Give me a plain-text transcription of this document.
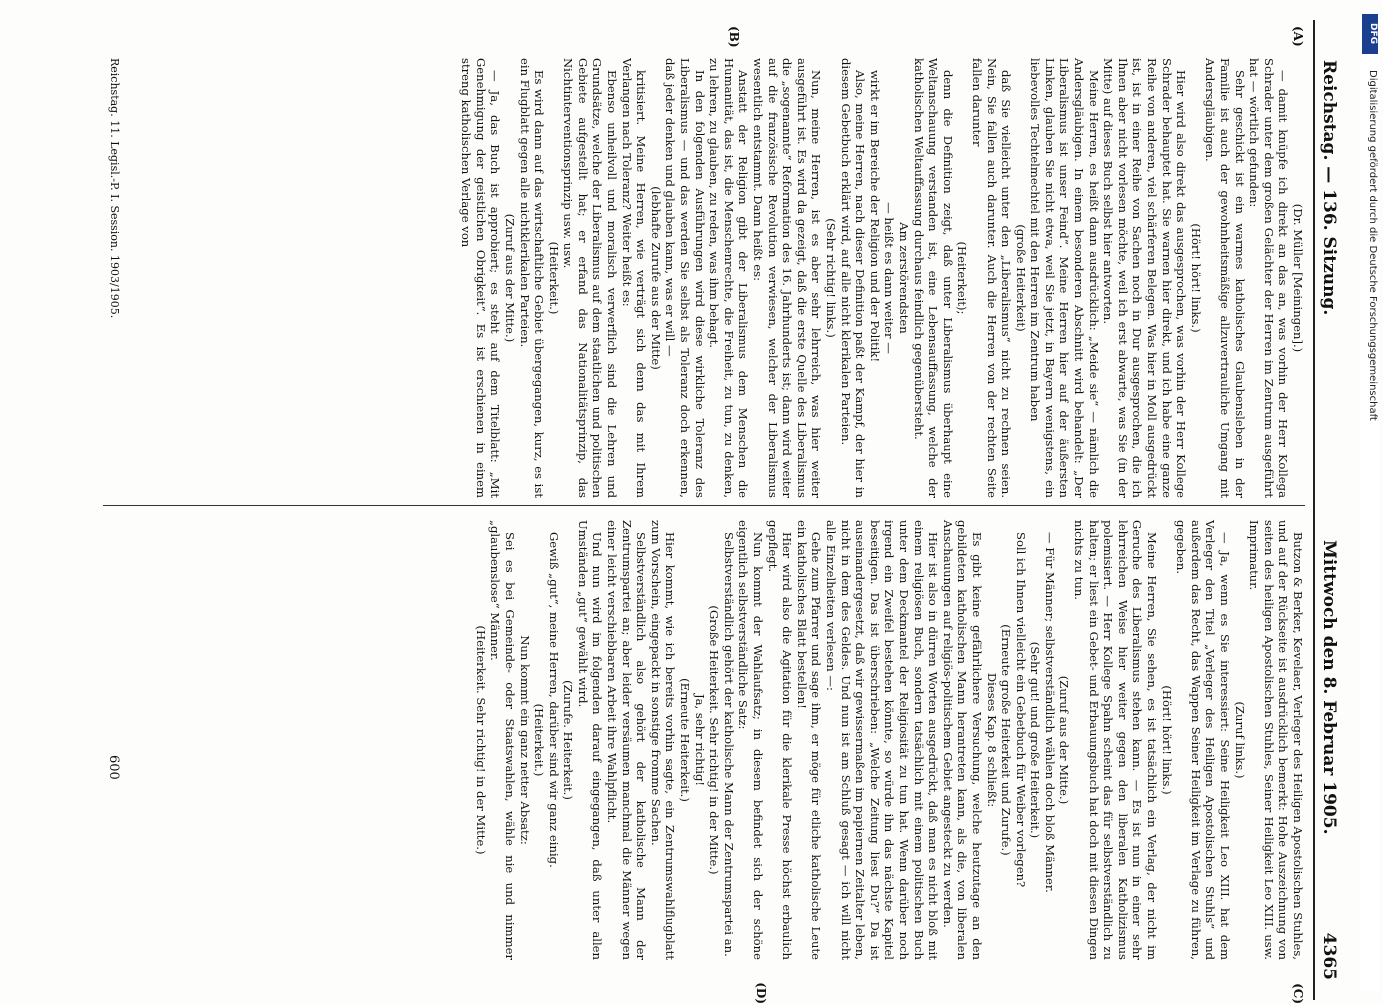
Reichstag. — 136. Sitzung.
Mittwoch den 8. Februar 1905.
4365
(A)
(B)
(C)
(D)

(Dr. Müller [Meiningen].)

— damit knüpfe ich direkt an das an, was vorhin der Herr Kollega Schrader unter dem großen Gelächter der Herren im Zentrum ausgeführt hat — wörtlich gefunden:

Sehr geschickt ist ein warmes katholisches Glaubensleben in der Familie ist auch der gewohnheitsmäßige allzuvertrauliche Umgang mit Andersgläubigen.

(Hört! hört! links.)

Hier wird also direkt das ausgesprochen, was vorhin der Herr Kollege Schrader behauptet hat. Sie warnen hier direkt, und ich habe eine ganze Reihe von anderen, viel schärferen Belegen. Was hier in Moll ausgedrückt ist, ist in einer Reihe von Sachen noch in Dur ausgesprochen, die ich Ihnen aber nicht vorlesen möchte, weil ich erst abwarte, was Sie (in der Mitte) auf dieses Buch selbst hier antworten.

Meine Herren, es heißt dann ausdrücklich: „Meide sie“ — nämlich die Andersgläubigen. In einem besonderen Abschnitt wird behandelt: „Der Liberalismus ist unser Feind“. Meine Herren hier auf der äußersten Linken, glauben Sie nicht etwa, weil Sie jetzt, in Bayern wenigstens, ein liebevolles Techtelmechtel mit den Herren im Zentrum haben

(große Heiterkeit)

daß Sie vielleicht unter den „Liberalismus“ nicht zu rechnen seien. Nein, Sie fallen auch darunter. Auch die Herren von der rechten Seite fallen darunter

(Heiterkeit);

denn die Definition zeigt, daß unter Liberalismus überhaupt eine Weltanschauung verstanden ist, eine Lebensauffassung, welche der katholischen Weltauffassung durchaus feindlich gegenübersteht.

Am zerstörendsten

— heißt es dann weiter —

wirkt er im Bereiche der Religion und der Politik!

Also, meine Herren, nach dieser Definition paßt der Kampf, der hier in diesem Gebetbuch erklärt wird, auf alle nicht klerikalen Parteien.

(Sehr richtig! links.)

Nun, meine Herren, ist es aber sehr lehrreich, was hier weiter ausgeführt ist. Es wird da gezeigt, daß die erste Quelle des Liberalismus die „sogenannte“ Reformation des 16. Jahrhunderts ist; dann wird weiter auf die französische Revolution verwiesen, welcher der Liberalismus wesentlich entstammt. Dann heißt es:

Anstatt der Religion gibt der Liberalismus dem Menschen die Humanität, das ist, die Menschenrechte, die Freiheit, zu tun, zu denken, zu lehren, zu glauben, zu reden, was ihm behagt.

In den folgenden Ausführungen wird diese wirkliche Toleranz des Liberalismus — und das werden Sie selbst als Toleranz doch erkennen, daß jeder denken und glauben kann, was er will —

(lebhafte Zurufe aus der Mitte)

kritisiert. Meine Herren, wie verträgt sich denn das mit Ihrem Verlangen nach Toleranz? Weiter heißt es:

Ebenso unheilvoll und moralisch verwerflich sind die Lehren und Grundsätze, welche der Liberalismus auf dem staatlichen und politischen Gebiete aufgestellt hat; er erfand das Nationalitätsprinzip, das Nichtinterventionsprinzip usw. usw.

(Heiterkeit.)

Es wird dann auf das wirtschaftliche Gebiet übergegangen, kurz, es ist ein Flugblatt gegen alle nichtklerikalen Parteien.

(Zuruf aus der Mitte.)

— Ja, das Buch ist approbiert; es steht auf dem Titelblatt: „Mit Genehmigung der geistlichen Obrigkeit“. Es ist erschienen in einem streng katholischen Verlage von

Butzon & Berker, Kevelaer, Verleger des Heiligen Apostolischen Stuhles, und auf der Rückseite ist ausdrücklich bemerkt: Hohe Auszeichnung von seiten des heiligen Apostolischen Stuhles, Seiner Heiligkeit Leo XIII. usw. Imprimatur.

(Zuruf links.)

— Ja, wenn es Sie interessiert: Seine Heiligkeit Leo XIII. hat dem Verleger den Titel „Verleger des Heiligen Apostolischen Stuhls“ und außerdem das Recht, das Wappen Seiner Heiligkeit im Verlage zu führen, gegeben.

(Hört! hört! links.)

Meine Herren, Sie sehen, es ist tatsächlich ein Verlag, der nicht im Geruche des Liberalismus stehen kann. — Es ist nun in einer sehr lehrreichen Weise hier weiter gegen den liberalen Katholizismus polemisiert. — Herr Kollege Spahn scheint das für selbstverständlich zu halten; er liest ein Gebet- und Erbauungsbuch hat doch mit diesen Dingen nichts zu tun.

(Zuruf aus der Mitte.)

— Für Männer; selbstverständlich wählen doch bloß Männer.

(Sehr gut! und große Heiterkeit.)

Soll ich Ihnen vielleicht ein Gebetbuch für Weiber vorlegen?

(Erneute große Heiterkeit und Zurufe.)

Dieses Kap. 8 schließt:

Es gibt keine gefährlichere Versuchung, welche heutzutage an den gebildeten katholischen Mann herantreten kann, als die, von liberalen Anschauungen auf religiös-politischem Gebiet angesteckt zu werden.

Hier ist also in dürren Worten ausgedrückt, daß man es nicht bloß mit einem religiösen Buch, sondern tatsächlich mit einem politischen Buch unter dem Deckmantel der Religiosität zu tun hat. Wenn darüber noch irgend ein Zweifel bestehen könnte, so würde ihn das nächste Kapitel beseitigen. Das ist überschrieben: „Welche Zeitung liest Du?“ Da ist auseinandergesetzt, daß wir gewissermaßen im papiernen Zeitalter leben, nicht in dem des Geldes. Und nun ist am Schluß gesagt — ich will nicht alle Einzelheiten verlesen —:

Gehe zum Pfarrer und sage ihm, er möge für etliche katholische Leute ein katholisches Blatt bestellen!

Hier wird also die Agitation für die klerikale Presse höchst erbaulich gepflegt.

Nun kommt der Wahlaufsatz; in diesem befindet sich der schöne eigentlich selbstverständliche Satz:

Selbstverständlich gehört der katholische Mann der Zentrumspartei an.

(Große Heiterkeit. Sehr richtig! in der Mitte.)

Ja, sehr richtig!

(Erneute Heiterkeit.)

Hier kommt, wie ich bereits vorhin sagte, ein Zentrumswahlflugblatt zum Vorschein, eingepackt in sonstige fromme Sachen.

Selbstverständlich also gehört der katholische Mann der Zentrumspartei an; aber leider versäumen manchmal die Männer wegen einer leicht verschiebbaren Arbeit ihre Wahlpflicht.

Und nun wird im folgenden darauf eingegangen, daß unter allen Umständen „gut“ gewählt wird.

(Zurufe. Heiterkeit.)

Gewiß „gut“, meine Herren, darüber sind wir ganz einig.

(Heiterkeit.)

Nun kommt ein ganz netter Absatz:

Sei es bei Gemeinde- oder Staatswahlen, wähle nie und nimmer „glaubenslose“ Männer.

(Heiterkeit. Sehr richtig! in der Mitte.)

Reichstag. 11. Legisl.-P. I. Session. 1903/1905.
600
DFG
Digitalisierung gefördert durch die Deutsche Forschungsgemeinschaft
